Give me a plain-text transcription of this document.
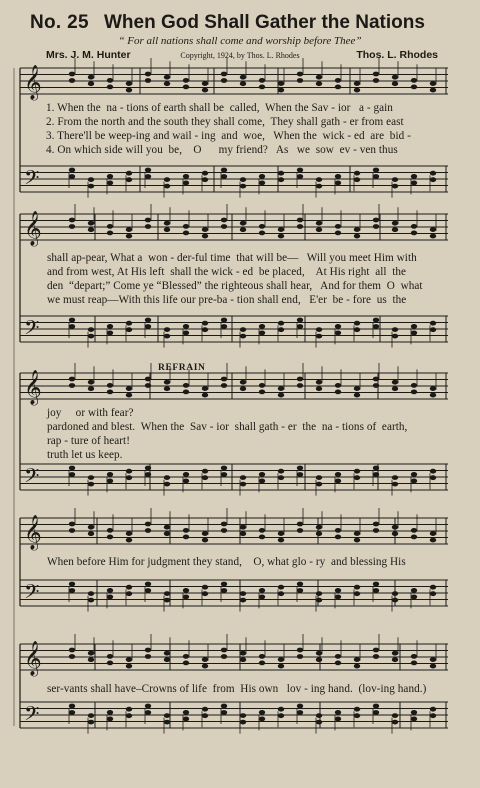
No. 25 When God Shall Gather the Nations
“ For all nations shall come and worship before Thee”
Mrs. J. M. Hunter	Copyright, 1924, by Thos. L. Rhodes	Thos. L. Rhodes
𝄞
𝄢
𝄞
𝄢
𝄞
𝄢
𝄞
𝄢
𝄞
𝄢
REFRAIN
1. When the  na - tions of earth shall be  called,  When the Sav - ior   a - gain
2. From the north and the south they shall come,  They shall gath - er from east
3. There'll be weep-ing and wail - ing  and  woe,   When the  wick - ed  are  bid -
4. On which side will you  be,    O      my friend?   As   we  sow  ev - ven thus
shall ap-pear, What a  won - der-ful time  that will be—   Will you meet Him with
and from west, At His left  shall the wick - ed  be placed,    At His right  all  the
den  “depart;” Come ye “Blessed” the righteous shall hear,   And for them  O  what
we must reap—With this life our pre-ba - tion shall end,   E'er  be - fore  us  the
joy     or with fear?
pardoned and blest.  When the  Sav - ior  shall gath - er  the  na - tions of  earth,
rap - ture of heart!
truth let us keep.
When before Him for judgment they stand,    O, what glo - ry  and blessing His
ser-vants shall have–Crowns of life  from  His own   lov - ing hand.  (lov-ing hand.)
